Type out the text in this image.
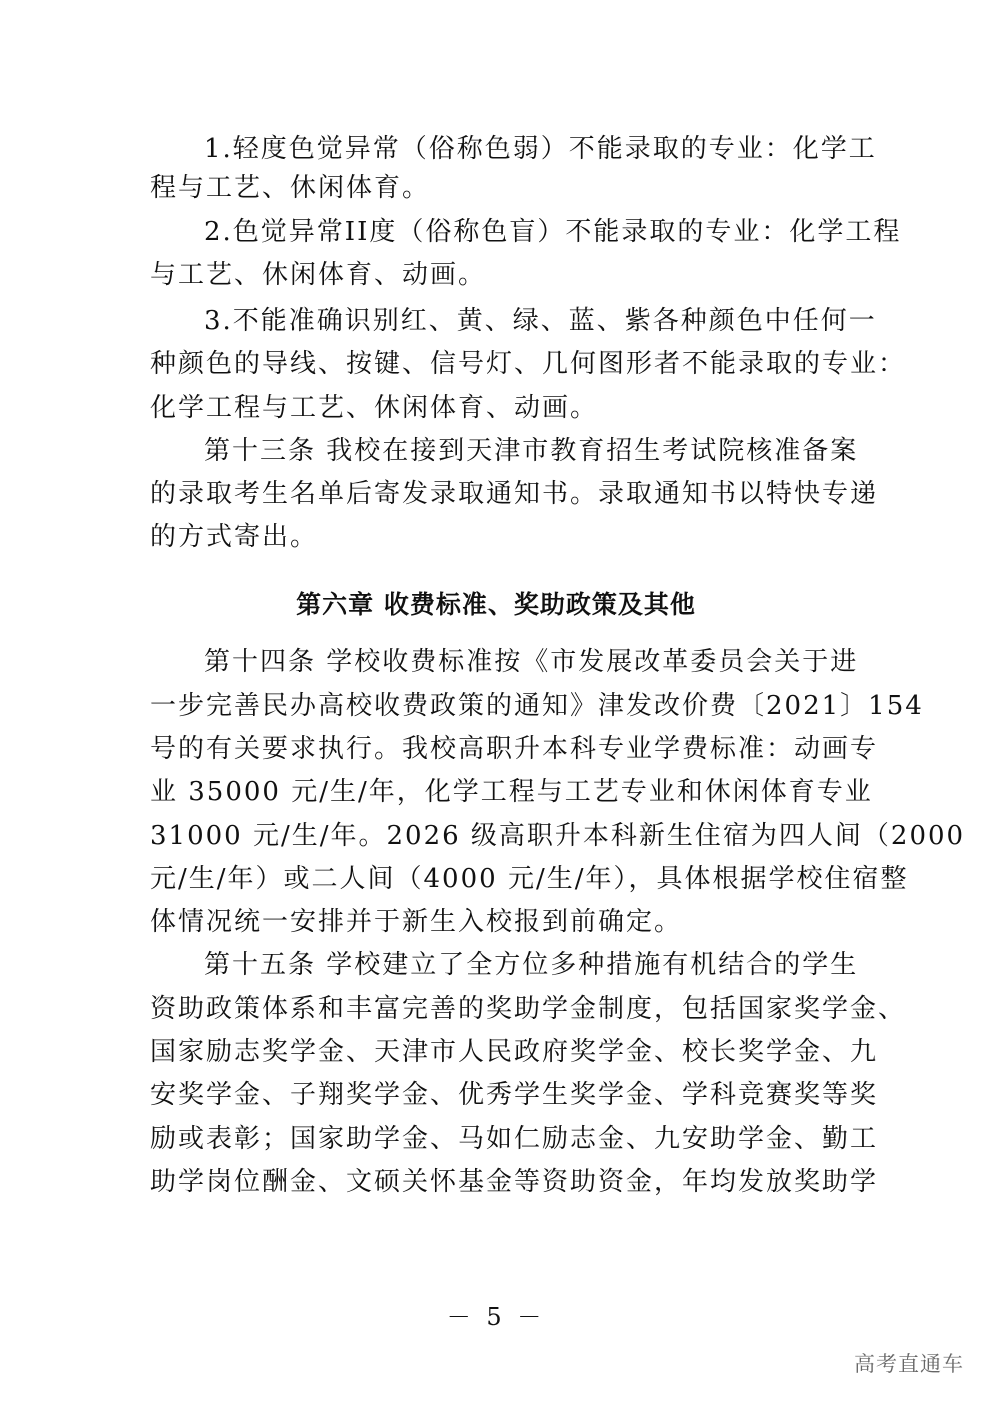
1.轻度色觉异常（俗称色弱）不能录取的专业：化学工
程与工艺、休闲体育。
2.色觉异常II度（俗称色盲）不能录取的专业：化学工程
与工艺、休闲体育、动画。
3.不能准确识别红、黄、绿、蓝、紫各种颜色中任何一
种颜色的导线、按键、信号灯、几何图形者不能录取的专业：
化学工程与工艺、休闲体育、动画。
第十三条 我校在接到天津市教育招生考试院核准备案
的录取考生名单后寄发录取通知书。录取通知书以特快专递
的方式寄出。
第六章 收费标准、奖助政策及其他
第十四条 学校收费标准按《市发展改革委员会关于进
一步完善民办高校收费政策的通知》津发改价费〔2021〕154
号的有关要求执行。我校高职升本科专业学费标准：动画专
业 35000 元/生/年，化学工程与工艺专业和休闲体育专业
31000 元/生/年。2026 级高职升本科新生住宿为四人间（2000
元/生/年）或二人间（4000 元/生/年），具体根据学校住宿整
体情况统一安排并于新生入校报到前确定。
第十五条 学校建立了全方位多种措施有机结合的学生
资助政策体系和丰富完善的奖助学金制度，包括国家奖学金、
国家励志奖学金、天津市人民政府奖学金、校长奖学金、九
安奖学金、子翔奖学金、优秀学生奖学金、学科竞赛奖等奖
励或表彰；国家助学金、马如仁励志金、九安助学金、勤工
助学岗位酬金、文硕关怀基金等资助资金，年均发放奖助学
－ 5 －
高考直通车
